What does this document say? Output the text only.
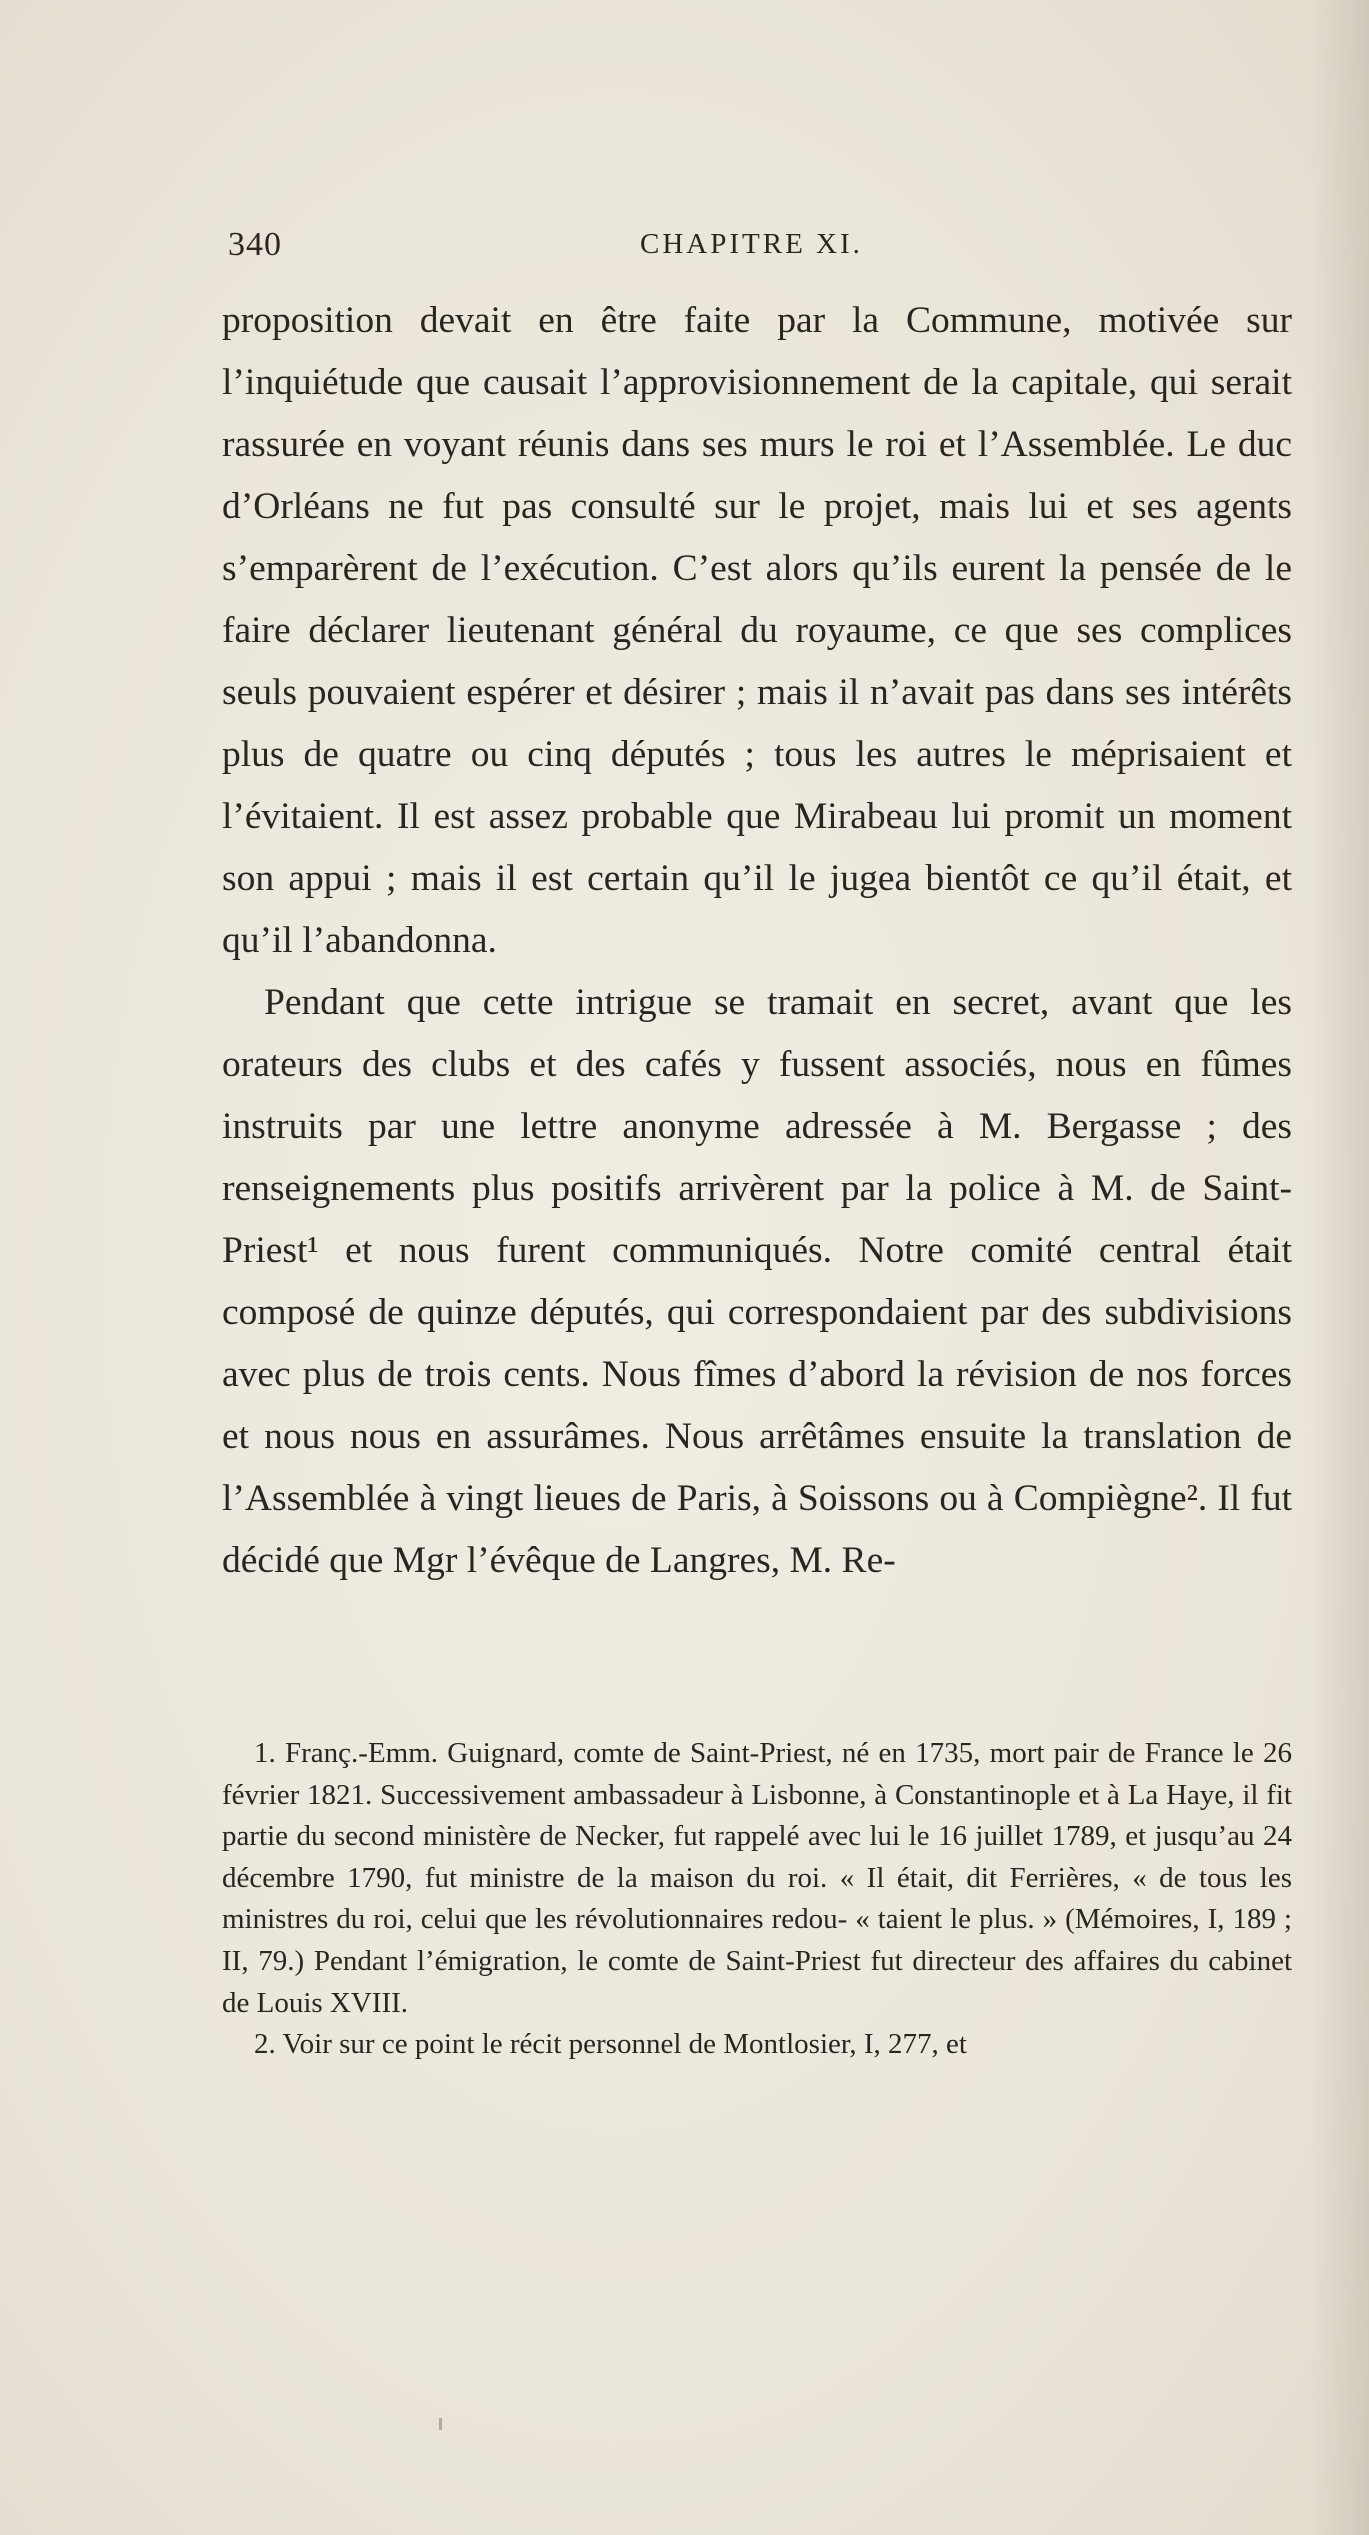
340	CHAPITRE XI.

proposition devait en être faite par la Commune, motivée sur l’inquiétude que causait l’approvisionnement de la capitale, qui serait rassurée en voyant réunis dans ses murs le roi et l’Assemblée. Le duc d’Orléans ne fut pas consulté sur le projet, mais lui et ses agents s’emparèrent de l’exécution. C’est alors qu’ils eurent la pensée de le faire déclarer lieutenant général du royaume, ce que ses complices seuls pouvaient espérer et désirer ; mais il n’avait pas dans ses intérêts plus de quatre ou cinq députés ; tous les autres le méprisaient et l’évitaient. Il est assez probable que Mirabeau lui promit un moment son appui ; mais il est certain qu’il le jugea bientôt ce qu’il était, et qu’il l’abandonna.

Pendant que cette intrigue se tramait en secret, avant que les orateurs des clubs et des cafés y fussent associés, nous en fûmes instruits par une lettre anonyme adressée à M. Bergasse ; des renseignements plus positifs arrivèrent par la police à M. de Saint-Priest¹ et nous furent communiqués. Notre comité central était composé de quinze députés, qui correspondaient par des subdivisions avec plus de trois cents. Nous fîmes d’abord la révision de nos forces et nous nous en assurâmes. Nous arrêtâmes ensuite la translation de l’Assemblée à vingt lieues de Paris, à Soissons ou à Compiègne². Il fut décidé que Mgr l’évêque de Langres, M. Re-

1. Franç.-Emm. Guignard, comte de Saint-Priest, né en 1735, mort pair de France le 26 février 1821. Successivement ambassadeur à Lisbonne, à Constantinople et à La Haye, il fit partie du second ministère de Necker, fut rappelé avec lui le 16 juillet 1789, et jusqu’au 24 décembre 1790, fut ministre de la maison du roi. « Il était, dit Ferrières, « de tous les ministres du roi, celui que les révolutionnaires redou- « taient le plus. » (Mémoires, I, 189 ; II, 79.) Pendant l’émigration, le comte de Saint-Priest fut directeur des affaires du cabinet de Louis XVIII.

2. Voir sur ce point le récit personnel de Montlosier, I, 277, et
